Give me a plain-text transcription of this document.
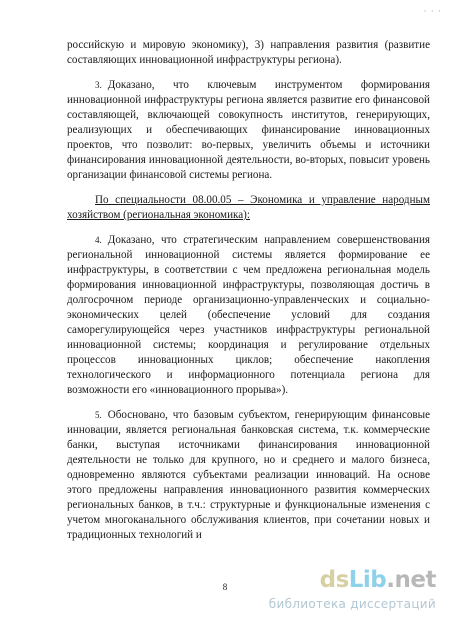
· · ·

российскую и мировую экономику), 3) направления развития (развитие составляющих инновационной инфраструктуры региона).

3. Доказано, что ключевым инструментом формирования инновационной инфраструктуры региона является развитие его финансовой составляющей, включающей совокупность институтов, генерирующих, реализующих и обеспечивающих финансирование инновационных проектов, что позволит: во-первых, увеличить объемы и источники финансирования инновационной деятельности, во-вторых, повысит уровень организации финансовой системы региона.

По специальности 08.00.05 – Экономика и управление народным хозяйством (региональная экономика):

4. Доказано, что стратегическим направлением совершенствования региональной инновационной системы является формирование ее инфраструктуры, в соответствии с чем предложена региональная модель формирования инновационной инфраструктуры, позволяющая достичь в долгосрочном периоде организационно-управленческих и социально-экономических целей (обеспечение условий для создания саморегулирующейся через участников инфраструктуры региональной инновационной системы; координация и регулирование отдельных процессов инновационных циклов; обеспечение накопления технологического и информационного потенциала региона для возможности его «инновационного прорыва»).

5. Обосновано, что базовым субъектом, генерирующим финансовые инновации, является региональная банковская система, т.к. коммерческие банки, выступая источниками финансирования инновационной деятельности не только для крупного, но и среднего и малого бизнеса, одновременно являются субъектами реализации инноваций. На основе этого предложены направления инновационного развития коммерческих региональных банков, в т.ч.: структурные и функциональные изменения с учетом многоканального обслуживания клиентов, при сочетании новых и традиционных технологий и

8	dsLib.net
библиотека диссертаций
